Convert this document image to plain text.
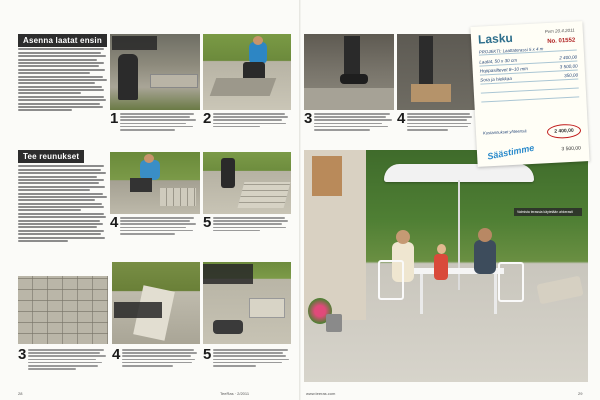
Asenna laatat ensin
1	2
Tee reunukset
4	5
3	4	5
28	TeeRas · 2/2011
3	4
Valmista terassia käytetään ahkerasti
Lasku	Pvm 20.4.2011
No. 01552
PROJEKTI: Laattaterassi 5 x 4 m
Laatat, 50 x 30 cm
2 400,00
Hoppasiltevet 8–10 mm	3 500,00
Sora ja hiekkaa
350,00
Kustannukset yhteensä	2 400,00
Säästimme	3 500,00
29
www.teeras.com
